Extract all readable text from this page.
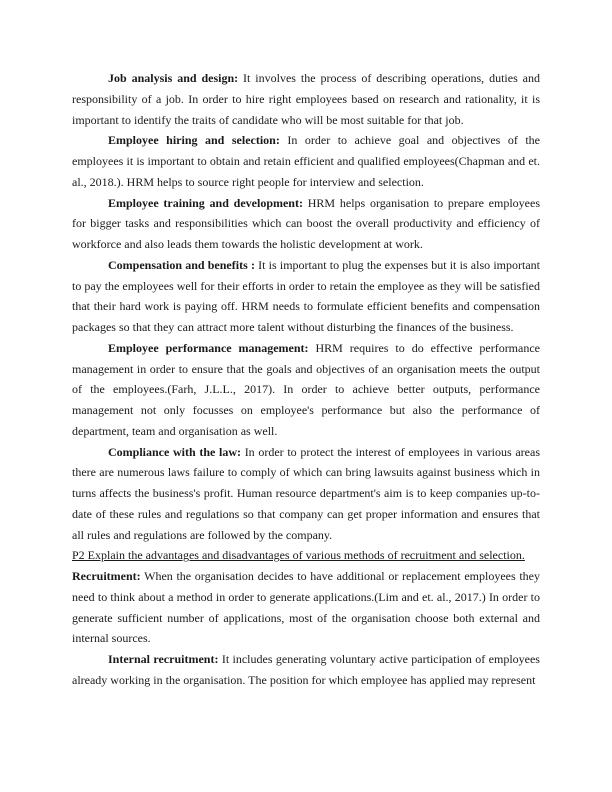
Job analysis and design: It involves the process of describing operations, duties and responsibility of a job. In order to hire right employees based on research and rationality, it is important to identify the traits of candidate who will be most suitable for that job.

Employee hiring and selection: In order to achieve goal and objectives of the employees it is important to obtain and retain efficient and qualified employees(Chapman and et. al., 2018.). HRM helps to source right people for interview and selection.

Employee training and development: HRM helps organisation to prepare employees for bigger tasks and responsibilities which can boost the overall productivity and efficiency of workforce and also leads them towards the holistic development at work.

Compensation and benefits : It is important to plug the expenses but it is also important to pay the employees well for their efforts in order to retain the employee as they will be satisfied that their hard work is paying off. HRM needs to formulate efficient benefits and compensation packages so that they can attract more talent without disturbing the finances of the business.

Employee performance management: HRM requires to do effective performance management in order to ensure that the goals and objectives of an organisation meets the output of the employees.(Farh, J.L.L., 2017). In order to achieve better outputs, performance management not only focusses on employee's performance but also the performance of department, team and organisation as well.

Compliance with the law: In order to protect the interest of employees in various areas there are numerous laws failure to comply of which can bring lawsuits against business which in turns affects the business's profit. Human resource department's aim is to keep companies up-to-date of these rules and regulations so that company can get proper information and ensures that all rules and regulations are followed by the company.

P2 Explain the advantages and disadvantages of various methods of recruitment and selection.

Recruitment: When the organisation decides to have additional or replacement employees they need to think about a method in order to generate applications.(Lim and et. al., 2017.) In order to generate sufficient number of applications, most of the organisation choose both external and internal sources.

Internal recruitment: It includes generating voluntary active participation of employees already working in the organisation. The position for which employee has applied may represent
